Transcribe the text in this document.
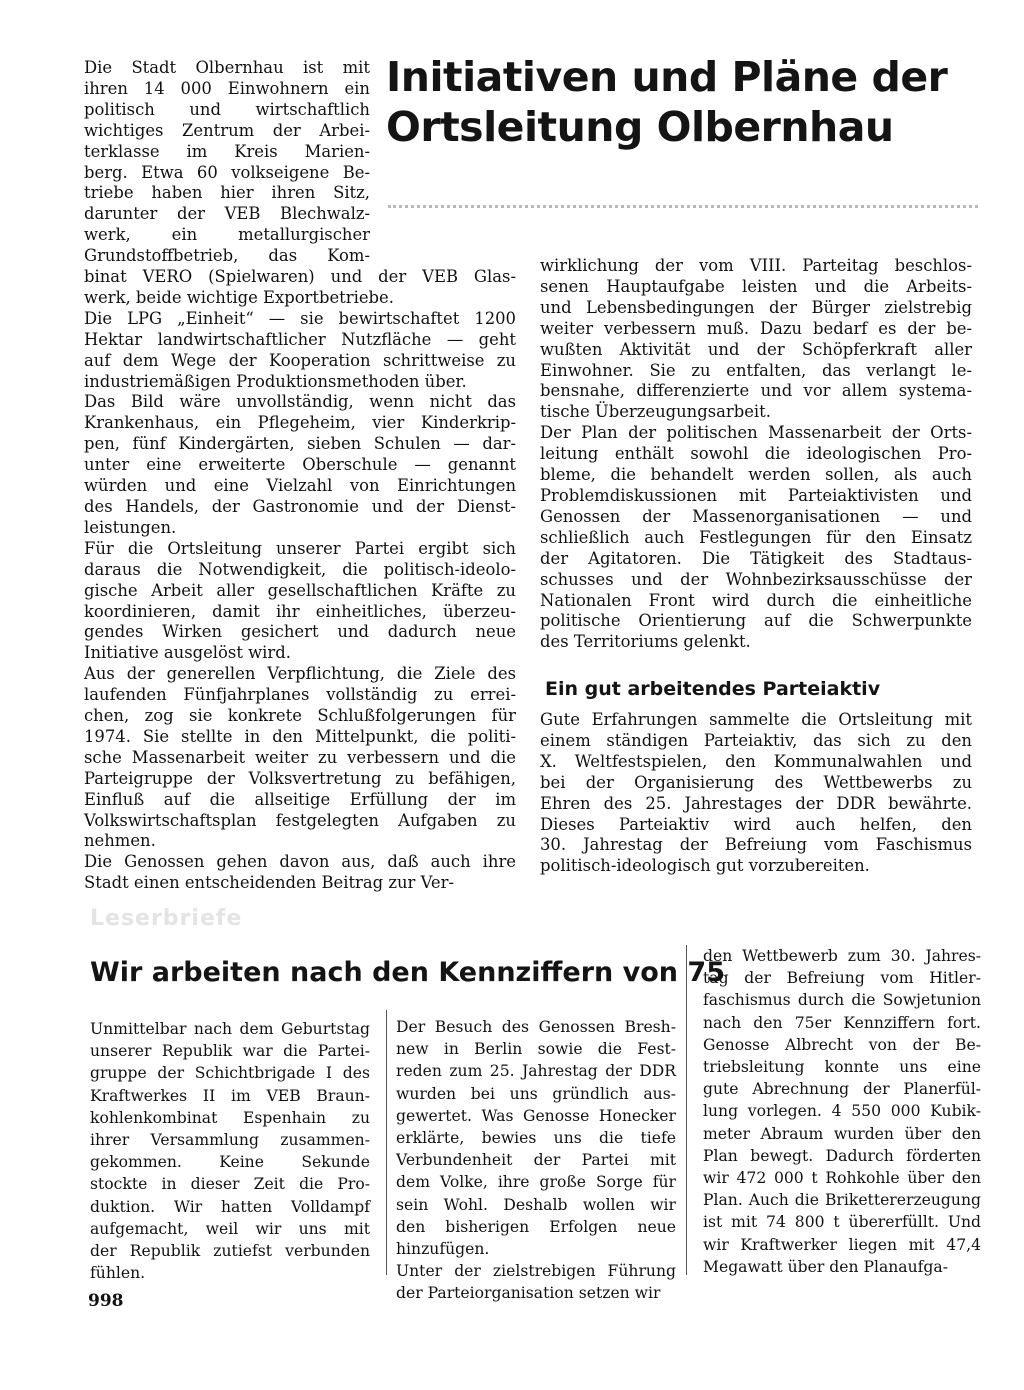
Initiativen und Pläne der
Ortsleitung Olbernhau

Die Stadt Olbernhau ist mit

ihren 14 000 Einwohnern ein

politisch und wirtschaftlich

wichtiges Zentrum der Arbei-

terklasse im Kreis Marien-

berg. Etwa 60 volkseigene Be-

triebe haben hier ihren Sitz,

darunter der VEB Blechwalz-

werk, ein metallurgischer

Grundstoffbetrieb, das Kom-

binat VERO (Spielwaren) und der VEB Glas-

werk, beide wichtige Exportbetriebe.

Die LPG „Einheit“ — sie bewirtschaftet 1200

Hektar landwirtschaftlicher Nutzfläche — geht

auf dem Wege der Kooperation schrittweise zu

industriemäßigen Produktionsmethoden über.

Das Bild wäre unvollständig, wenn nicht das

Krankenhaus, ein Pflegeheim, vier Kinderkrip-

pen, fünf Kindergärten, sieben Schulen — dar-

unter eine erweiterte Oberschule — genannt

würden und eine Vielzahl von Einrichtungen

des Handels, der Gastronomie und der Dienst-

leistungen.

Für die Ortsleitung unserer Partei ergibt sich

daraus die Notwendigkeit, die politisch-ideolo-

gische Arbeit aller gesellschaftlichen Kräfte zu

koordinieren, damit ihr einheitliches, überzeu-

gendes Wirken gesichert und dadurch neue

Initiative ausgelöst wird.

Aus der generellen Verpflichtung, die Ziele des

laufenden Fünfjahrplanes vollständig zu errei-

chen, zog sie konkrete Schlußfolgerungen für

1974. Sie stellte in den Mittelpunkt, die politi-

sche Massenarbeit weiter zu verbessern und die

Parteigruppe der Volksvertretung zu befähigen,

Einfluß auf die allseitige Erfüllung der im

Volkswirtschaftsplan festgelegten Aufgaben zu

nehmen.

Die Genossen gehen davon aus, daß auch ihre

Stadt einen entscheidenden Beitrag zur Ver-

wirklichung der vom VIII. Parteitag beschlos-

senen Hauptaufgabe leisten und die Arbeits-

und Lebensbedingungen der Bürger zielstrebig

weiter verbessern muß. Dazu bedarf es der be-

wußten Aktivität und der Schöpferkraft aller

Einwohner. Sie zu entfalten, das verlangt le-

bensnahe, differenzierte und vor allem systema-

tische Überzeugungsarbeit.

Der Plan der politischen Massenarbeit der Orts-

leitung enthält sowohl die ideologischen Pro-

bleme, die behandelt werden sollen, als auch

Problemdiskussionen mit Parteiaktivisten und

Genossen der Massenorganisationen — und

schließlich auch Festlegungen für den Einsatz

der Agitatoren. Die Tätigkeit des Stadtaus-

schusses und der Wohnbezirksausschüsse der

Nationalen Front wird durch die einheitliche

politische Orientierung auf die Schwerpunkte

des Territoriums gelenkt.

Ein gut arbeitendes Parteiaktiv

Gute Erfahrungen sammelte die Ortsleitung mit

einem ständigen Parteiaktiv, das sich zu den

X. Weltfestspielen, den Kommunalwahlen und

bei der Organisierung des Wettbewerbs zu

Ehren des 25. Jahrestages der DDR bewährte.

Dieses Parteiaktiv wird auch helfen, den

30. Jahrestag der Befreiung vom Faschismus

politisch-ideologisch gut vorzubereiten.

Leserbriefe
Wir arbeiten nach den Kennziffern von 75

Unmittelbar nach dem Geburtstag

unserer Republik war die Partei-

gruppe der Schichtbrigade I des

Kraftwerkes II im VEB Braun-

kohlenkombinat Espenhain zu

ihrer Versammlung zusammen-

gekommen. Keine Sekunde

stockte in dieser Zeit die Pro-

duktion. Wir hatten Volldampf

aufgemacht, weil wir uns mit

der Republik zutiefst verbunden

fühlen.

Der Besuch des Genossen Bresh-

new in Berlin sowie die Fest-

reden zum 25. Jahrestag der DDR

wurden bei uns gründlich aus-

gewertet. Was Genosse Honecker

erklärte, bewies uns die tiefe

Verbundenheit der Partei mit

dem Volke, ihre große Sorge für

sein Wohl. Deshalb wollen wir

den bisherigen Erfolgen neue

hinzufügen.

Unter der zielstrebigen Führung

der Parteiorganisation setzen wir

den Wettbewerb zum 30. Jahres-

tag der Befreiung vom Hitler-

faschismus durch die Sowjetunion

nach den 75er Kennziffern fort.

Genosse Albrecht von der Be-

triebsleitung konnte uns eine

gute Abrechnung der Planerfül-

lung vorlegen. 4 550 000 Kubik-

meter Abraum wurden über den

Plan bewegt. Dadurch förderten

wir 472 000 t Rohkohle über den

Plan. Auch die Brikettererzeugung

ist mit 74 800 t übererfüllt. Und

wir Kraftwerker liegen mit 47,4

Megawatt über den Planaufga-

998
